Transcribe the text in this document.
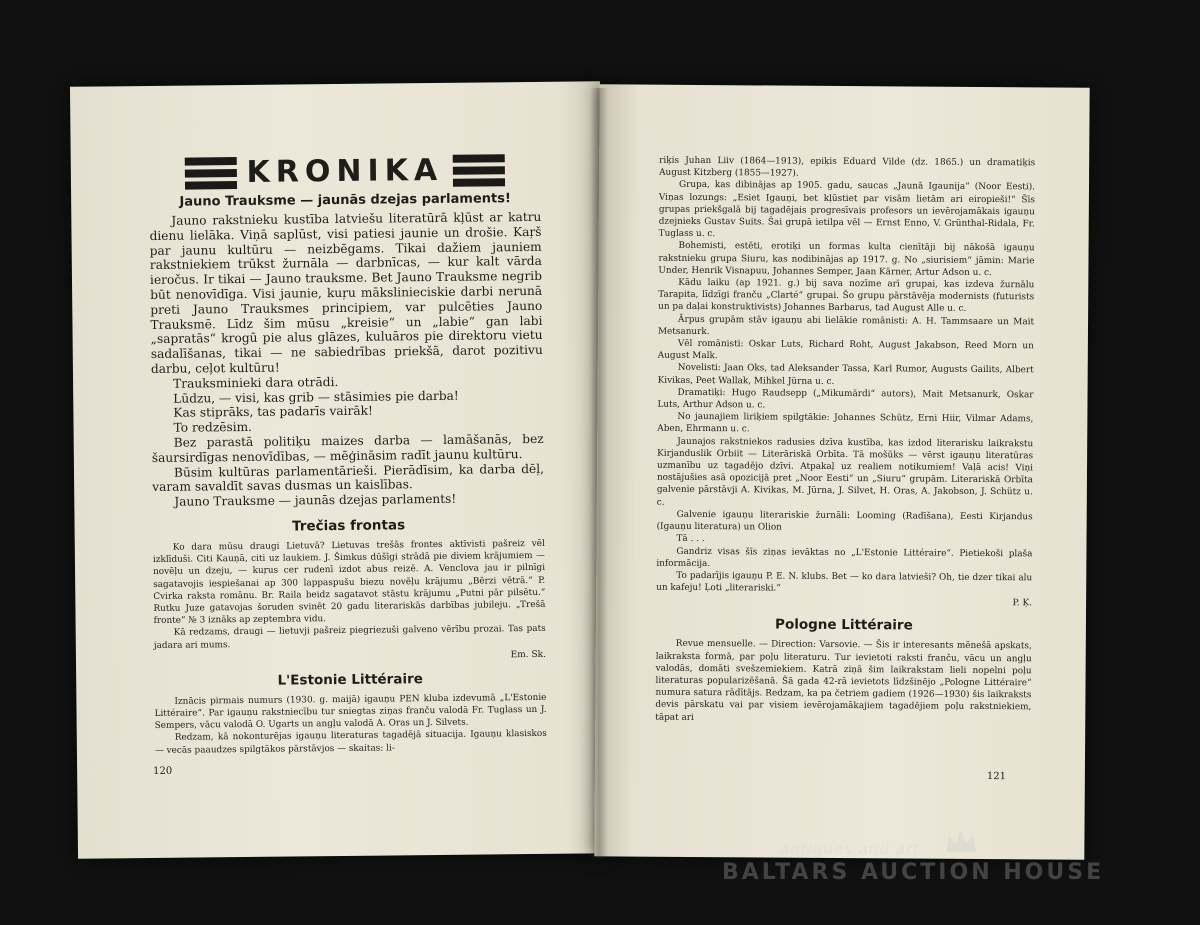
KRONIKA
Jauno Trauksme — jaunās dzejas parlaments!

Jauno rakstnieku kustība latviešu literatūrā kļūst ar katru dienu lielāka. Viņā saplūst, visi patiesi jaunie un drošie. Kaŗš par jaunu kultūru — neizbēgams. Tikai dažiem jauniem rakstniekiem trūkst žurnāla — darbnīcas, — kur kalt vārda ieročus. Ir tikai — Jauno trauksme. Bet Jauno Trauksme negrib būt nenovīdīga. Visi jaunie, kuŗu mākslinieciskie darbi nerunā preti Jauno Trauksmes principiem, var pulcēties Jauno Trauksmē. Līdz šim mūsu „kreisie“ un „labie“ gan labi „sapratās“ krogū pie alus glāzes, kuluāros pie direktoru vietu sadalīšanas, tikai — ne sabiedrības priekšā, darot pozitivu darbu, ceļot kultūru!

Trauksminieki dara otrādi.

Lūdzu, — visi, kas grib — stāsimies pie darba!

Kas stiprāks, tas padarīs vairāk!

To redzēsim.

Bez parastā politiķu maizes darba — lamāšanās, bez šaursirdīgas nenovīdības, — mēģināsim radīt jaunu kultūru.

Būsim kultūras parlamentārieši. Pierādīsim, ka darba dēļ, varam savaldīt savas dusmas un kaislības.

Jauno Trauksme — jaunās dzejas parlaments!

Trečias frontas

Ko dara mūsu draugi Lietuvā? Lietuvas trešās frontes aktīvisti pašreiz vēl izklīduši. Citi Kauņā, citi uz laukiem. J. Šimkus dūšīgi strādā pie diviem krājumiem — novēļu un dzeju, — kuŗus cer rudenī izdot abus reizē. A. Venclova jau ir pilnīgi sagatavojis iespiešanai ap 300 lappaspušu biezu novēļu krājumu „Bērzi vētrā.“ P. Cvirka raksta romānu. Br. Raila beidz sagatavot stāstu krājumu „Putni pār pilsētu.“ Rutku Juze gatavojas šoruden svinēt 20 gadu literariskās darbības jubileju. „Trešā fronte“ № 3 iznāks ap zeptembra vidu.

Kā redzams, draugi — lietuvji pašreiz piegriezuši galveno vērību prozai. Tas pats jadara ari mums.

Em. Sk.
L'Estonie Littéraire

Iznācis pirmais numurs (1930. g. maijā) igauņu PEN kluba izdevumā „L'Estonie Littéraire“. Par igauņu rakstniecību tur sniegtas ziņas franču valodā Fr. Tuglass un J. Sempers, vācu valodā O. Ugarts un angļu valodā A. Oras un J. Silvets.

Redzam, kā nokonturējas igauņu literaturas tagadējā situacija. Igauņu klasiskos — vecās paaudzes spilgtākos pārstāvjos — skaitas: li-

120

riķis Juhan Liiv (1864—1913), epiķis Eduard Vilde (dz. 1865.) un dramatiķis August Kitzberg (1855—1927).

Grupa, kas dibinājas ap 1905. gadu, saucas „Jaunā Igaunija“ (Noor Eesti). Viņas lozungs: „Esiet Igauņi, bet kļūstiet par visām lietām ari eiropieši!“ Šīs grupas priekšgalā bij tagadējais progresīvais profesors un ievērojamākais igauņu dzejnieks Gustav Suits. Šai grupā ietilpa vēl — Ernst Enno, V. Grünthal-Ridala, Fr. Tuglass u. c.

Bohemisti, estēti, erotiķi un formas kulta cienītāji bij nākošā igauņu rakstnieku grupa Siuru, kas nodibinājas ap 1917. g. No „siurisiem“ jāmin: Marie Under, Henrik Visnapuu, Johannes Semper, Jaan Kärner, Artur Adson u. c.

Kādu laiku (ap 1921. g.) bij sava nozīme arī grupai, kas izdeva žurnālu Tarapita, līdzīgi franču „Clarté“ grupai. Šo grupu pārstāvēja modernists (futurists un pa daļai konstruktivists) Johannes Barbarus, tad August Alle u. c.

Ārpus grupām stāv igauņu abi lielākie romānisti: A. H. Tammsaare un Mait Metsanurk.

Vēl romānisti: Oskar Luts, Richard Roht, August Jakabson, Reed Morn un August Malk.

Novelisti: Jaan Oks, tad Aleksander Tassa, Karl Rumor, Augusts Gailits, Albert Kivikas, Peet Wallak, Mihkel Jürna u. c.

Dramatiķi: Hugo Raudsepp („Mikumärdi“ autors), Mait Metsanurk, Oskar Luts, Arthur Adson u. c.

No jaunajiem liriķiem spilgtākie: Johannes Schütz, Erni Hiir, Vilmar Adams, Aben, Ehrmann u. c.

Jaunajos rakstniekos radusies dzīva kustība, kas izdod literarisku laikrakstu Kirjanduslik Orbiit — Literāriskā Orbīta. Tā mošūks — vērst igauņu literatūras uzmanību uz tagadējo dzīvi. Atpakaļ uz realiem notikumiem! Vaļā acis! Viņi nostājušies asā opozicijā pret „Noor Eesti“ un „Siuru“ grupām. Literariskā Orbīta galvenie pārstāvji A. Kivikas, M. Jürna, J. Silvet, H. Oras, A. Jakobson, J. Schütz u. c.

Galvenie igauņu literariskie žurnāli: Looming (Radīšana), Eesti Kirjandus (Igauņu literatura) un Olion

Tā . . .

Gandriz visas šīs ziņas ievāktas no „L'Estonie Littéraire“. Pietiekoši plaša informācija.

To padarījis igauņu P. E. N. klubs. Bet — ko dara latvieši? Oh, tie dzer tikai alu un kafeju! Ļoti „literariski.“

P. Ķ.
Pologne Littéraire

Revue mensuelle. — Direction: Varsovie. — Šis ir interesants mēnešā apskats, laikraksta formā, par poļu literaturu. Tur ievietoti raksti franču, vācu un angļu valodās, domāti svešzemiekiem. Katrā ziņā šim laikrakstam lieli nopelni poļu literaturas popularizēšanā. Šā gada 42-rā ievietots līdzšinējo „Pologne Littéraire“ numura satura rādītājs. Redzam, ka pa četriem gadiem (1926—1930) šis laikraksts devis pārskatu vai par visiem ievērojamākajiem tagadējiem poļu rakstniekiem, tāpat ari

121
antiques and art
BALTARS AUCTION HOUSE
